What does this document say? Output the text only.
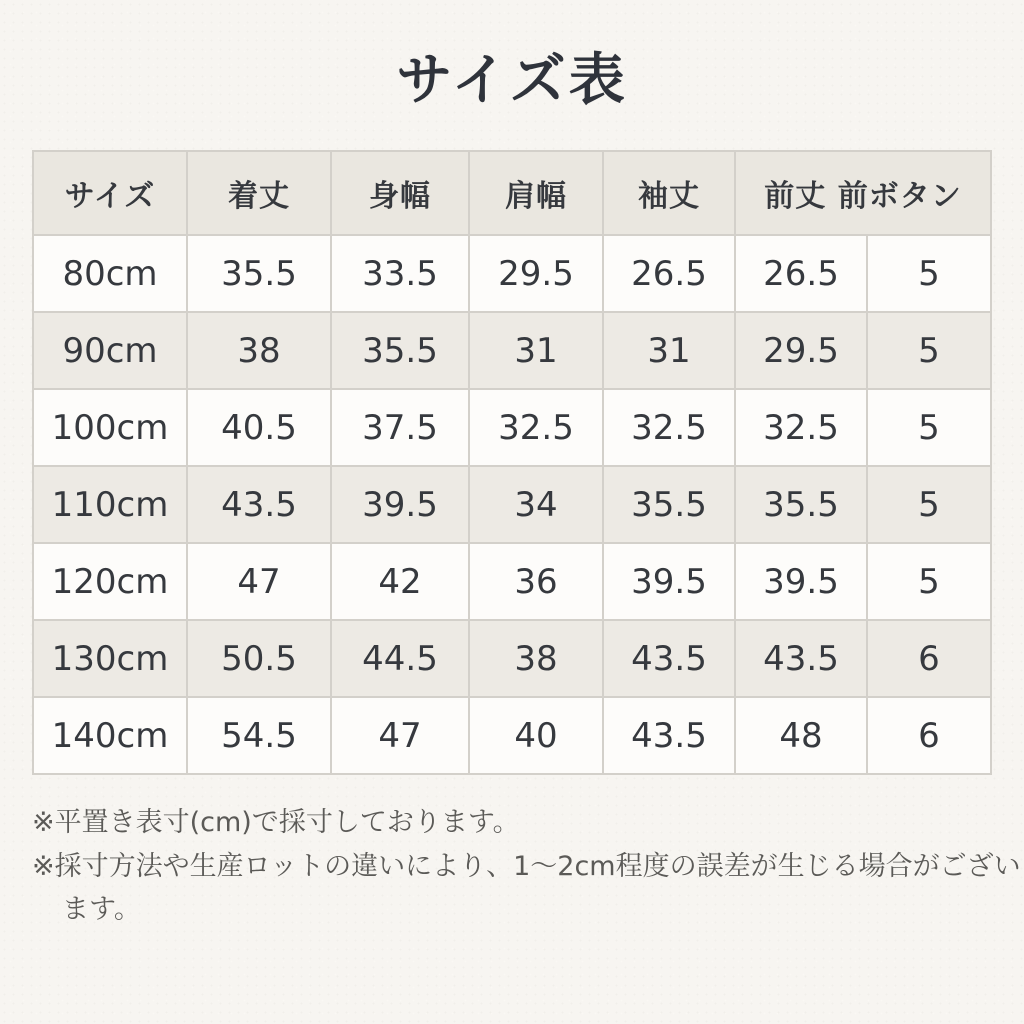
サイズ表
サイズ	着丈	身幅	肩幅	袖丈	前丈 前ボタン	
80cm	35.5	33.5	29.5	26.5	26.5	5
90cm	38	35.5	31	31	29.5	5
100cm	40.5	37.5	32.5	32.5	32.5	5
110cm	43.5	39.5	34	35.5	35.5	5
120cm	47	42	36	39.5	39.5	5
130cm	50.5	44.5	38	43.5	43.5	6
140cm	54.5	47	40	43.5	48	6
※平置き表寸(cm)で採寸しております。
※採寸方法や生産ロットの違いにより、1〜2cm程度の誤差が生じる場合がござい
ます。
